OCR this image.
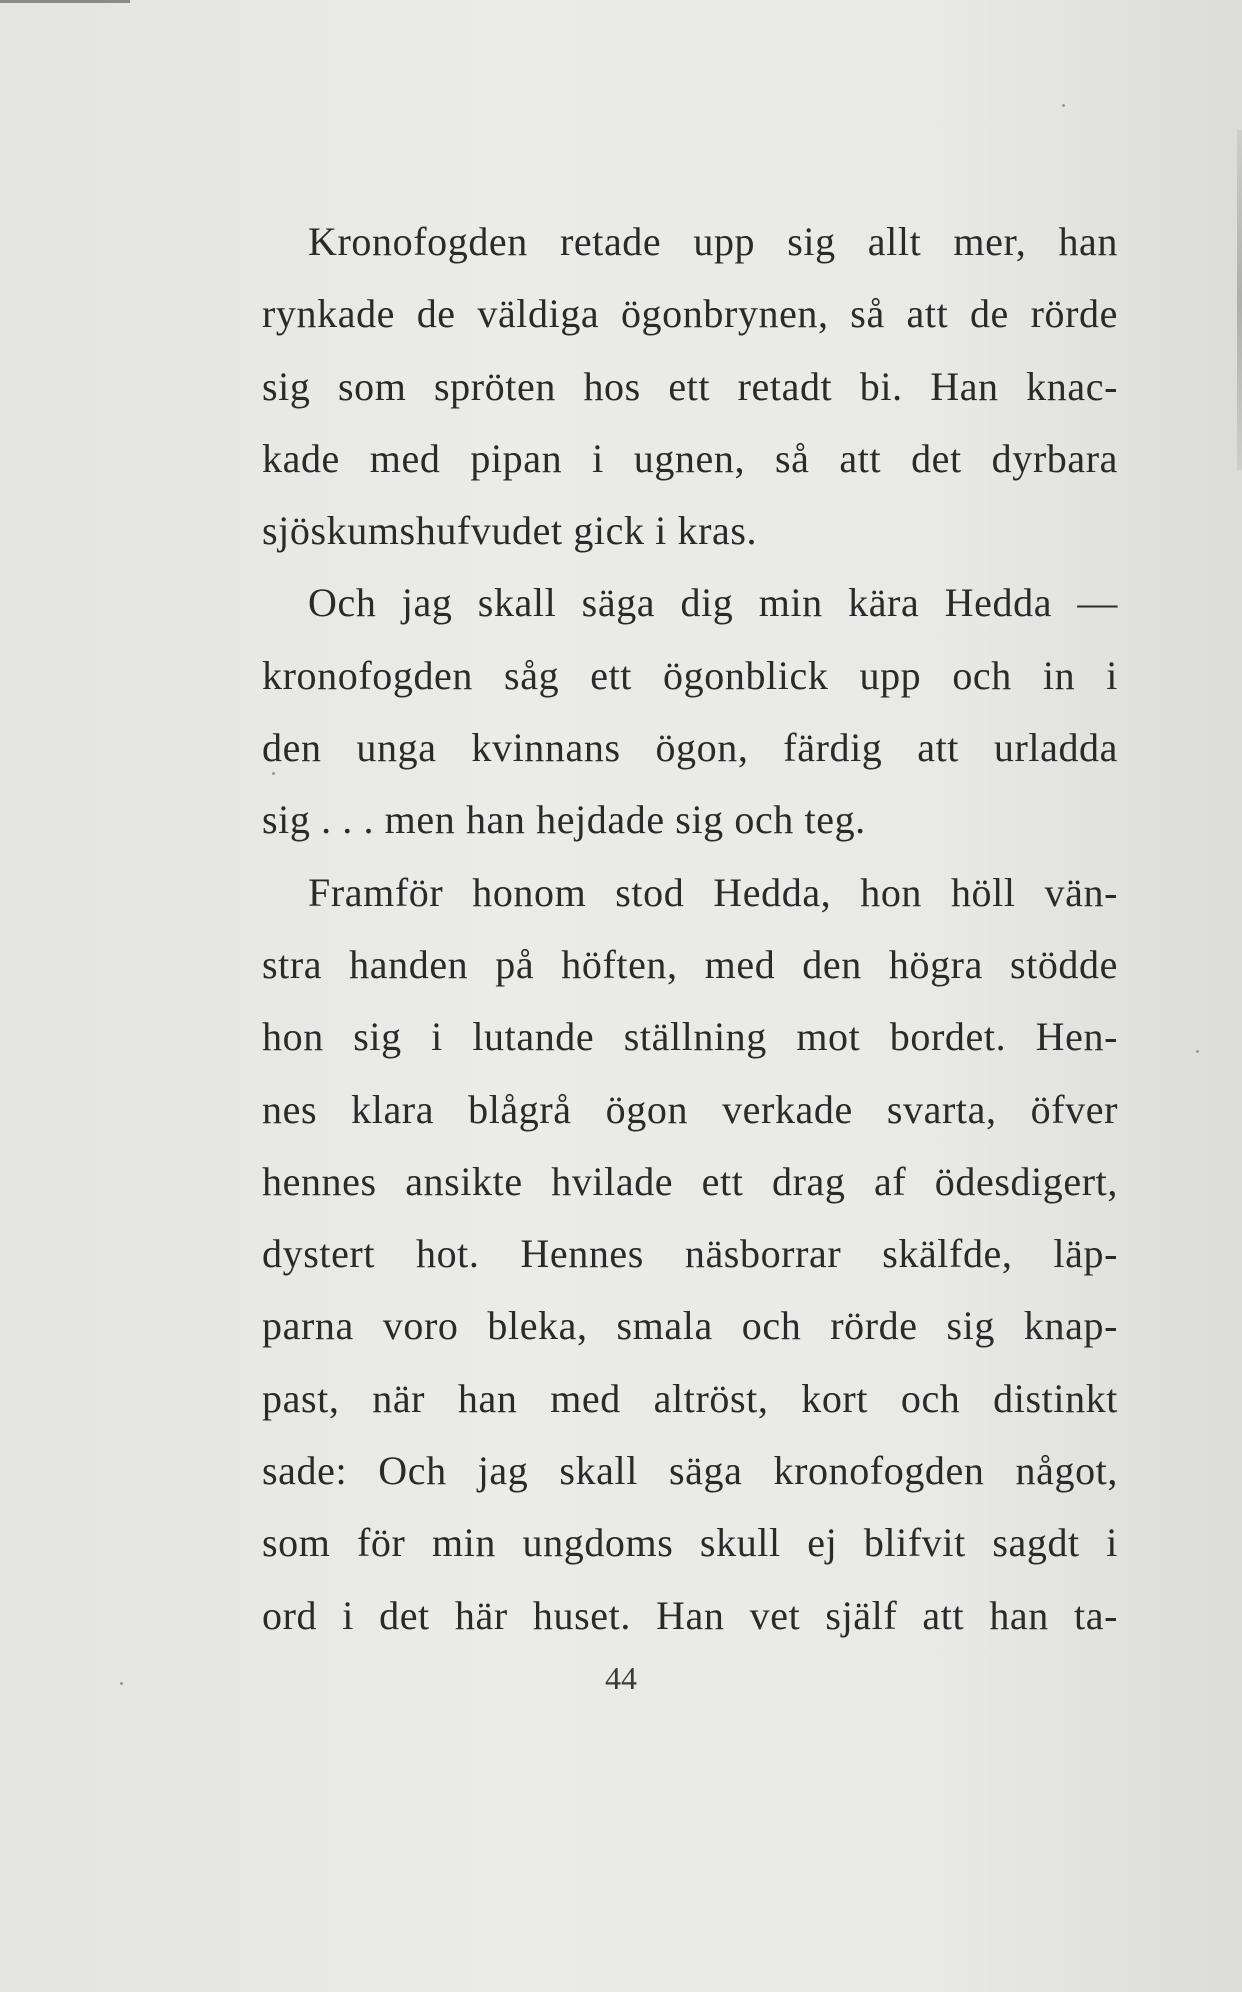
Kronofogden retade upp sig allt mer, han
rynkade de väldiga ögonbrynen, så att de rörde
sig som spröten hos ett retadt bi. Han knac-
kade med pipan i ugnen, så att det dyrbara
sjöskumshufvudet gick i kras.
Och jag skall säga dig min kära Hedda —
kronofogden såg ett ögonblick upp och in i
den unga kvinnans ögon, färdig att urladda
sig . . . men han hejdade sig och teg.
Framför honom stod Hedda, hon höll vän-
stra handen på höften, med den högra stödde
hon sig i lutande ställning mot bordet. Hen-
nes klara blågrå ögon verkade svarta, öfver
hennes ansikte hvilade ett drag af ödesdigert,
dystert hot. Hennes näsborrar skälfde, läp-
parna voro bleka, smala och rörde sig knap-
past, när han med altröst, kort och distinkt
sade: Och jag skall säga kronofogden något,
som för min ungdoms skull ej blifvit sagdt i
ord i det här huset. Han vet själf att han ta-
44
